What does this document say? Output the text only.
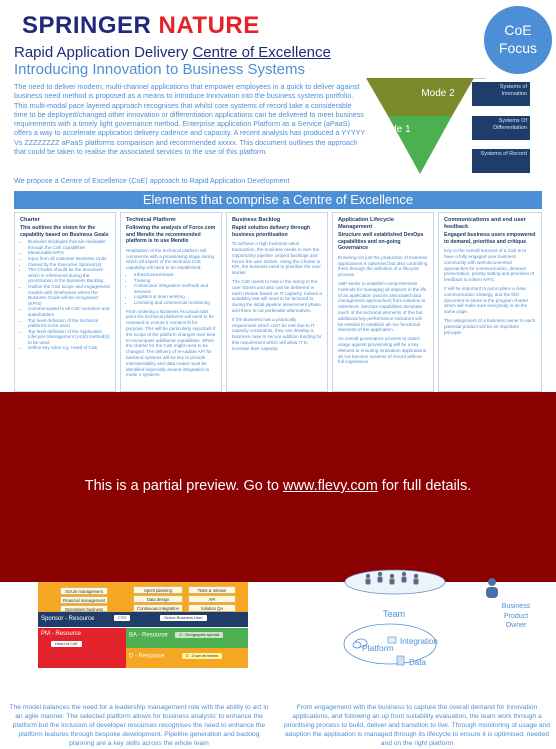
SPRINGER NATURE	CoE Focus
Rapid Application Delivery Centre of Excellence
Introducing Innovation to Business Systems
The need to deliver modern, multi-channel applications that empower employees in a quick to deliver against business need method is proposed as a means to introduce Innovation into the business systems portfolio. This multi-modal pace layered approach recognises that whilst core systems of record take a considerable time to be deployed/changed other innovation or differentiation applications can be delivered to meet business requirements with a timely light governance method. Enterprise application Platform as a Service (aPaaS) offers a way to accelerate application delivery cadence and capacity. A recent analysis has produced a YYYYY Vs ZZZZZZZZ aPaaS platforms comparison and recommended xxxxx. This document outlines the approach that could be taken to realise the associated services to the use of this platform.
We propose a Centre of Excellence (CoE) approach to Rapid Application Development
Mode 2
Mode 1
Systems of Innovation
Systems Of Differentiation
Systems of Record
Elements that comprise a Centre of Excellence
Charter
This outlines the vision for the capability based on Business Goals
• Business strategies that are realisable through the CoE capabilities
• Measurable KPI's
• Input from all customer Business Units
• Owned by the Executive Sponsor(s)
• The Charter should be the document which is referenced during the prioritisation of the Business Backlog
• Outline the CoE scope and engagement models with timeframes where the Business Goals will be recognised (KPI's)
• Communicated to all CoE members and stakeholders
• Top level definition of the technical platforms to be used
• Top level definition of the Application Lifecycle Management (ALM) method(s) to be used
• Define key roles e.g. Head of CoE
Technical Platform
Following the analysis of Force.com and Mendix the recommended platform is to use Mendix

Realisation of the technical platform will commence with a provisioning stage during which all aspect of the technical CoE capability will need to be established:

• Infrastructure/SaaS
• Training
• Continuous Integration methods and services
• Logistics & team working
• Licensing and commercial monitoring

From ordering a Business As Usual start point the technical platforms will need to be reviewed to ensure it remains fit for purpose. This will be particularly important if the scope of the platform changes over time to encompass additional capabilities. When the charter for the CoE might need to be changed. The delivery of re-usable API for backend systems will be key to provide interoperability and data routes must be identified especially around integration to mode 1 systems

Business Backlog
Rapid solution delivery through business prioritisation

To achieve a high business value transaction, the business needs to own the Opportunity pipeline, project backlogs and hence the user stories. Using the Charter & KPI, the business need to prioritise the user stories

The CoE needs to help in the sizing of the user stories and also can be delivered in each release based on IT capacity. Indeed a suitability test will need to be factored to during the initial pipeline assessment phase and there is not preferable alternatives.

If the Business has a practically requirement which can't be met due to IT capacity constraints, they can develop a business case to secure addition funding for this requirement which will allow IT to increase their capacity.

Application Lifecycle Management
Structure well established DevOps capabilities and on-going Governance

Ensuring not just the production of business applications is optimised but also controlling them through the definition of a lifecycle process.

A&P seeks to establish comprehensive methods for managing all aspects in the life of an application (and its associated data management approaches) from initiation to retirement. DevOps capabilities dominate much of the technical elements of this but additional key performance indicators will be needed to establish all non functional elements of the application.

An overall governance process to match usage against provisioning will be a key element to ensuring innovation applications do not become systems of record without full cognisance

Communications and end user feedback
Engaged business users empowered to demand, prioritise and critique

Key to the overall success of a CoE is to have a fully engaged user business community with well-documented approaches for communication, demand presentation, priority setting and provision of feedback to inform KPI's.

It will be important to put in place a clear communication strategy, and the first document to share is the program charter which will make sure everybody is on the same page.

The assignment of a business owner to each potential product will be an important principle.

This is a partial preview. Go to www.flevy.com for full details.
Scrum management
Financial management
Operations business
Sprint planning	Tests & release
Data design	API
Continuous integration	Solution QA
Sponsor - Resource	CTO	Senior Business User
PM - Resource
Head of CoE
BA - Resource	2 - Geographic spread
D - Resource	2 - 3 scrum teams
Team
Platform
Integration
Data
Business Product Owner
The model balances the need for a leadership management role with the ability to act in an agile manner. The selected platform allows for business analysts' to enhance the platform but the inclusion of developer resources recognises the need to enhance the platform features through bespoke development. Pipeline generation and backlog planning are a key skills across the whole team
From engagement with the business to capture the overall demand for Innovation applications, and following an up front suitability evaluation, the team work through a prioritising process to build, deliver and transition to live. Through monitoring of usage and adoption the application is managed through its lifecycle to ensure it is optimised, needed and on the right platform
